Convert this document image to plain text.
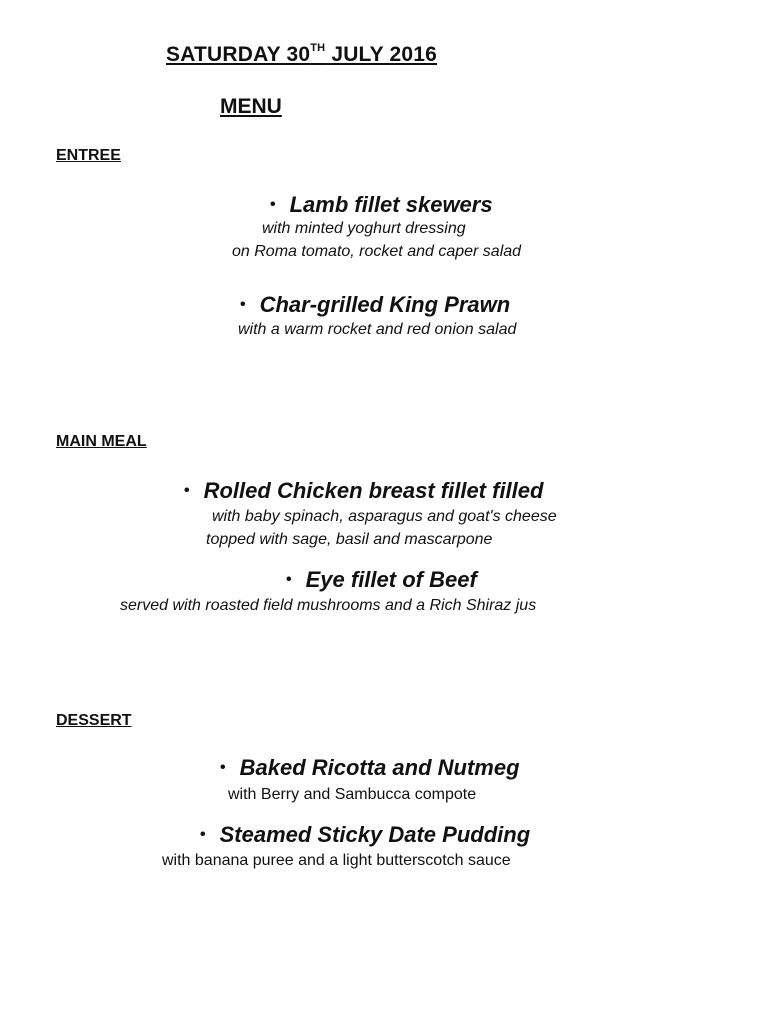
SATURDAY 30TH JULY 2016
MENU
ENTREE
• Lamb fillet skewers
with minted yoghurt dressing
on Roma tomato, rocket and caper salad
• Char-grilled King Prawn
with a warm rocket and red onion salad
MAIN MEAL
• Rolled Chicken breast fillet filled
with baby spinach, asparagus and goat's cheese
topped with sage, basil and mascarpone
• Eye fillet of Beef
served with roasted field mushrooms and a Rich Shiraz jus
DESSERT
• Baked Ricotta and Nutmeg
with Berry and Sambucca compote
• Steamed Sticky Date Pudding
with banana puree and a light butterscotch sauce
